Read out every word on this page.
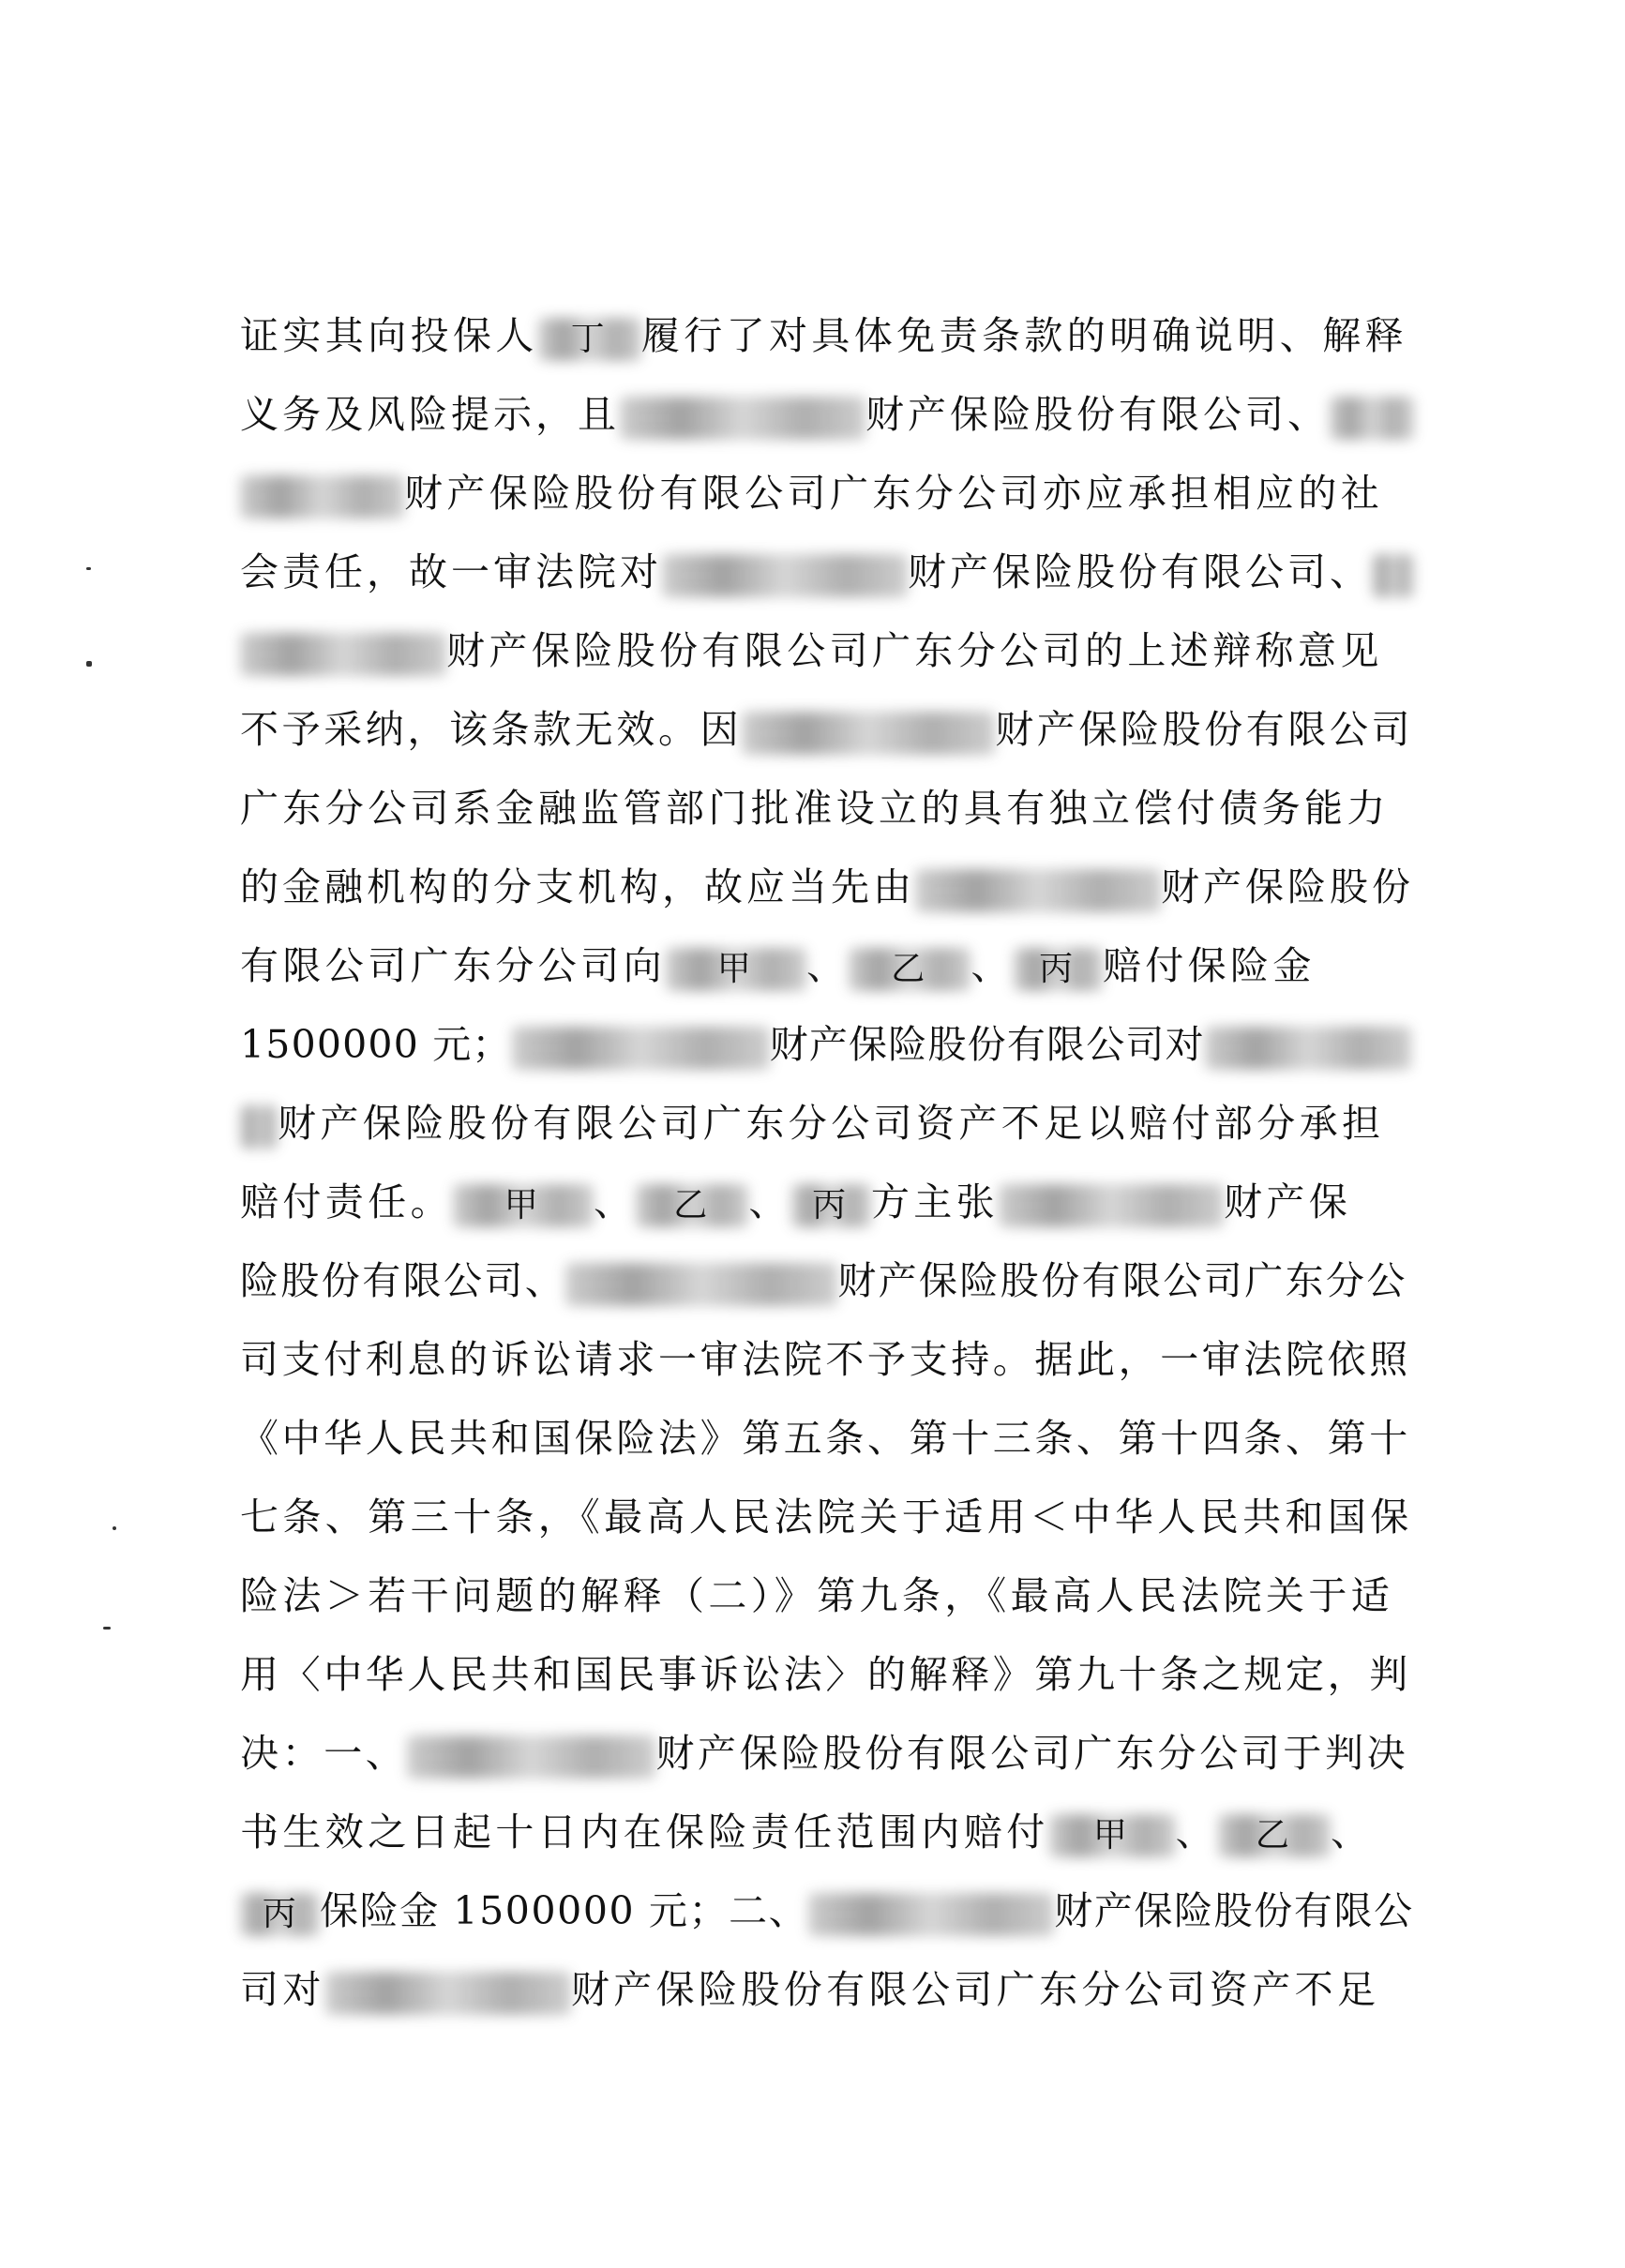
证实其向投保人 丁 履行了对具体免责条款的明确说明、解释
义务及风险提示，且	财产保险股份有限公司、
财产保险股份有限公司广东分公司亦应承担相应的社
会责任，故一审法院对	财产保险股份有限公司、
财产保险股份有限公司广东分公司的上述辩称意见
不予采纳，该条款无效。因	财产保险股份有限公司
广东分公司系金融监管部门批准设立的具有独立偿付债务能力
的金融机构的分支机构，故应当先由	财产保险股份
有限公司广东分公司向	甲	、	乙	、 丙 赔付保险金
1500000 元；	财产保险股份有限公司对
财产保险股份有限公司广东分公司资产不足以赔付部分承担
赔付责任。	甲	、	乙 、 丙 方主张	财产保
险股份有限公司、	财产保险股份有限公司广东分公
司支付利息的诉讼请求一审法院不予支持。据此，一审法院依照
《中华人民共和国保险法》第五条、第十三条、第十四条、第十
七条、第三十条，《最高人民法院关于适用＜中华人民共和国保
险法＞若干问题的解释（二）》第九条，《最高人民法院关于适
用〈中华人民共和国民事诉讼法〉的解释》第九十条之规定，判
决：一、	财产保险股份有限公司广东分公司于判决
书生效之日起十日内在保险责任范围内赔付	甲	、	乙 、
丙 保险金 1500000 元；二、	财产保险股份有限公
司对	财产保险股份有限公司广东分公司资产不足
